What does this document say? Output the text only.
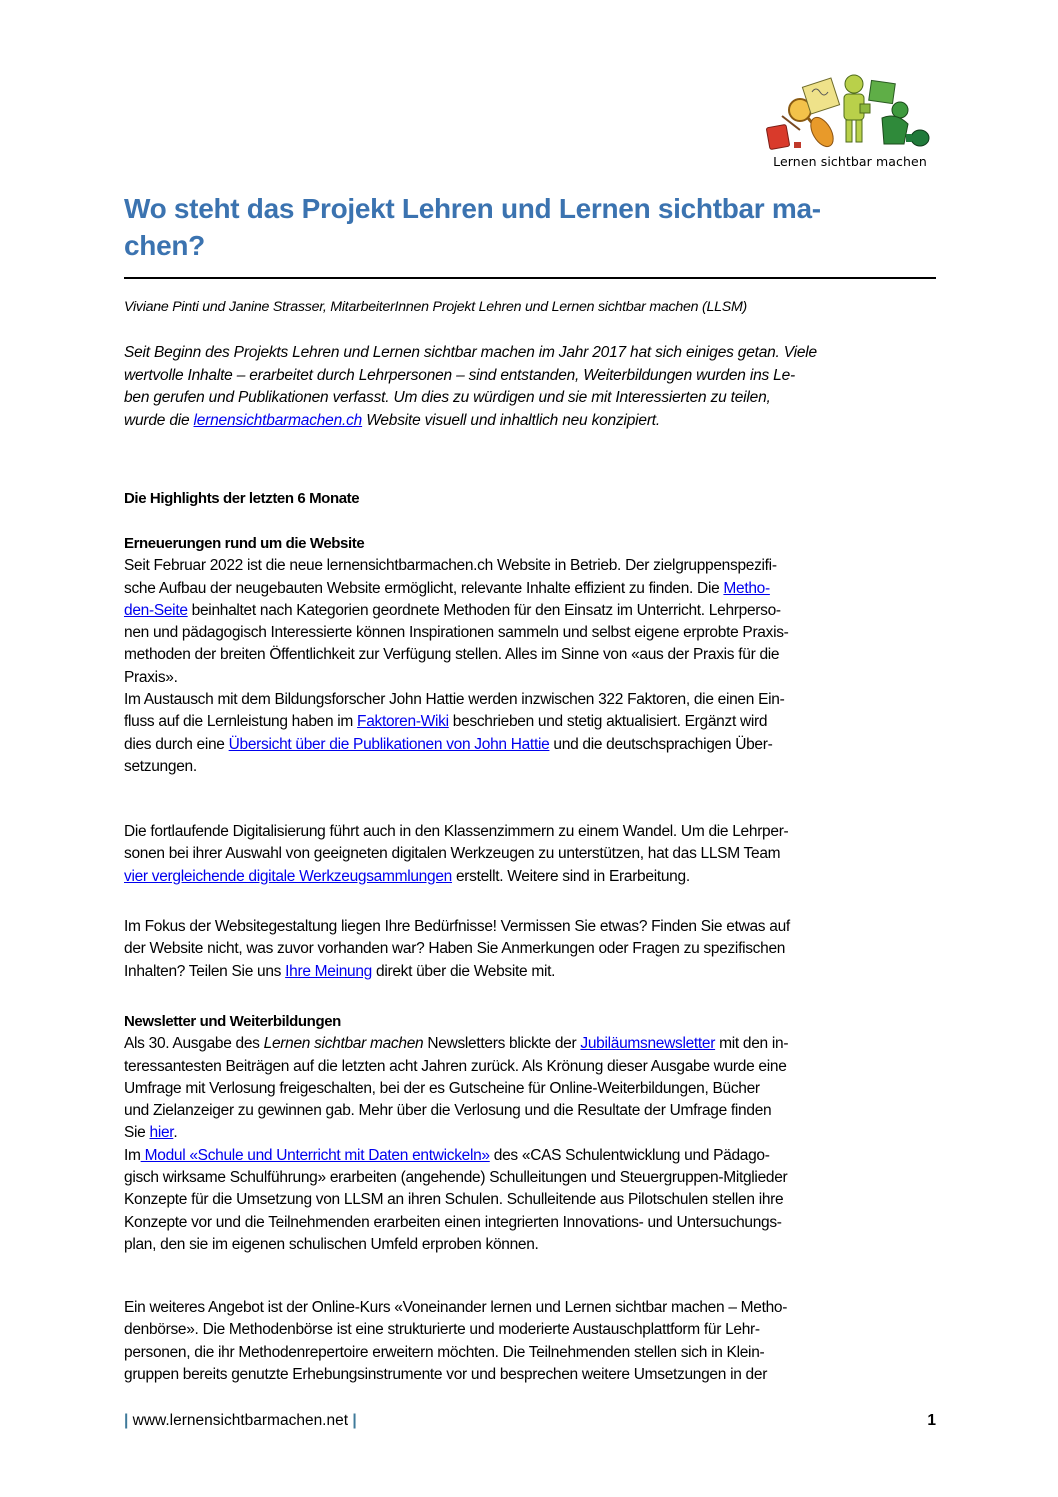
Lernen sichtbar machen
Wo steht das Projekt Lehren und Lernen sichtbar ma-
chen?
Viviane Pinti und Janine Strasser, MitarbeiterInnen Projekt Lehren und Lernen sichtbar machen (LLSM)
Seit Beginn des Projekts Lehren und Lernen sichtbar machen im Jahr 2017 hat sich einiges getan. Viele
wertvolle Inhalte – erarbeitet durch Lehrpersonen – sind entstanden, Weiterbildungen wurden ins Le-
ben gerufen und Publikationen verfasst. Um dies zu würdigen und sie mit Interessierten zu teilen,
wurde die lernensichtbarmachen.ch Website visuell und inhaltlich neu konzipiert.
Die Highlights der letzten 6 Monate
Erneuerungen rund um die Website
Seit Februar 2022 ist die neue lernensichtbarmachen.ch Website in Betrieb. Der zielgruppenspezifi-
sche Aufbau der neugebauten Website ermöglicht, relevante Inhalte effizient zu finden. Die Metho-
den-Seite beinhaltet nach Kategorien geordnete Methoden für den Einsatz im Unterricht. Lehrperso-
nen und pädagogisch Interessierte können Inspirationen sammeln und selbst eigene erprobte Praxis-
methoden der breiten Öffentlichkeit zur Verfügung stellen. Alles im Sinne von «aus der Praxis für die
Praxis».
Im Austausch mit dem Bildungsforscher John Hattie werden inzwischen 322 Faktoren, die einen Ein-
fluss auf die Lernleistung haben im Faktoren-Wiki beschrieben und stetig aktualisiert. Ergänzt wird
dies durch eine Übersicht über die Publikationen von John Hattie und die deutschsprachigen Über-
setzungen.
Die fortlaufende Digitalisierung führt auch in den Klassenzimmern zu einem Wandel. Um die Lehrper-
sonen bei ihrer Auswahl von geeigneten digitalen Werkzeugen zu unterstützen, hat das LLSM Team
vier vergleichende digitale Werkzeugsammlungen erstellt. Weitere sind in Erarbeitung.
Im Fokus der Websitegestaltung liegen Ihre Bedürfnisse! Vermissen Sie etwas? Finden Sie etwas auf
der Website nicht, was zuvor vorhanden war? Haben Sie Anmerkungen oder Fragen zu spezifischen
Inhalten? Teilen Sie uns Ihre Meinung direkt über die Website mit.
Newsletter und Weiterbildungen
Als 30. Ausgabe des Lernen sichtbar machen Newsletters blickte der Jubiläumsnewsletter mit den in-
teressantesten Beiträgen auf die letzten acht Jahren zurück. Als Krönung dieser Ausgabe wurde eine
Umfrage mit Verlosung freigeschalten, bei der es Gutscheine für Online-Weiterbildungen, Bücher
und Zielanzeiger zu gewinnen gab. Mehr über die Verlosung und die Resultate der Umfrage finden
Sie hier.
Im Modul «Schule und Unterricht mit Daten entwickeln» des «CAS Schulentwicklung und Pädago-
gisch wirksame Schulführung» erarbeiten (angehende) Schulleitungen und Steuergruppen-Mitglieder
Konzepte für die Umsetzung von LLSM an ihren Schulen. Schulleitende aus Pilotschulen stellen ihre
Konzepte vor und die Teilnehmenden erarbeiten einen integrierten Innovations- und Untersuchungs-
plan, den sie im eigenen schulischen Umfeld erproben können.
Ein weiteres Angebot ist der Online-Kurs «Voneinander lernen und Lernen sichtbar machen – Metho-
denbörse». Die Methodenbörse ist eine strukturierte und moderierte Austauschplattform für Lehr-
personen, die ihr Methodenrepertoire erweitern möchten. Die Teilnehmenden stellen sich in Klein-
gruppen bereits genutzte Erhebungsinstrumente vor und besprechen weitere Umsetzungen in der
| www.lernensichtbarmachen.net |	1
